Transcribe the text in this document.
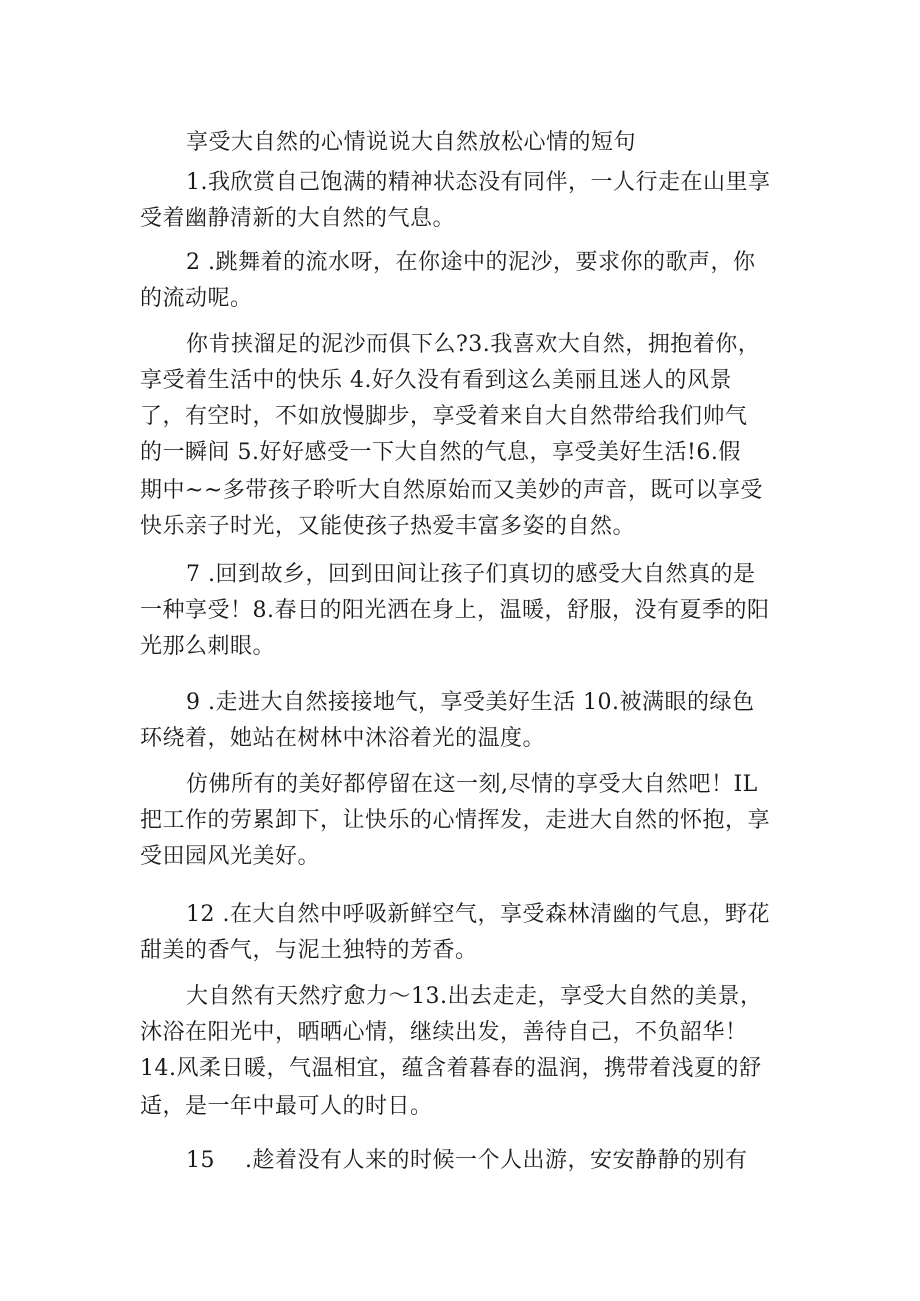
享受大自然的心情说说大自然放松心情的短句
1.我欣赏自己饱满的精神状态没有同伴，一人行走在山里享
受着幽静清新的大自然的气息。
2 .跳舞着的流水呀，在你途中的泥沙，要求你的歌声，你
的流动呢。
你肯挟溜足的泥沙而俱下么?3.我喜欢大自然，拥抱着你，
享受着生活中的快乐 4.好久没有看到这么美丽且迷人的风景
了，有空时，不如放慢脚步，享受着来自大自然带给我们帅气
的一瞬间 5.好好感受一下大自然的气息，享受美好生活!6.假
期中~~多带孩子聆听大自然原始而又美妙的声音，既可以享受
快乐亲子时光，又能使孩子热爱丰富多姿的自然。
7 .回到故乡，回到田间让孩子们真切的感受大自然真的是
一种享受！8.春日的阳光洒在身上，温暖，舒服，没有夏季的阳
光那么刺眼。
9 .走进大自然接接地气，享受美好生活 10.被满眼的绿色
环绕着，她站在树林中沐浴着光的温度。
仿佛所有的美好都停留在这一刻,尽情的享受大自然吧！IL
把工作的劳累卸下，让快乐的心情挥发，走进大自然的怀抱，享
受田园风光美好。
12 .在大自然中呼吸新鲜空气，享受森林清幽的气息，野花
甜美的香气，与泥土独特的芳香。
大自然有天然疗愈力～13.出去走走，享受大自然的美景，
沐浴在阳光中，晒晒心情，继续出发，善待自己，不负韶华！
14.风柔日暖，气温相宜，蕴含着暮春的温润，携带着浅夏的舒
适，是一年中最可人的时日。
15　 .趁着没有人来的时候一个人出游，安安静静的别有
